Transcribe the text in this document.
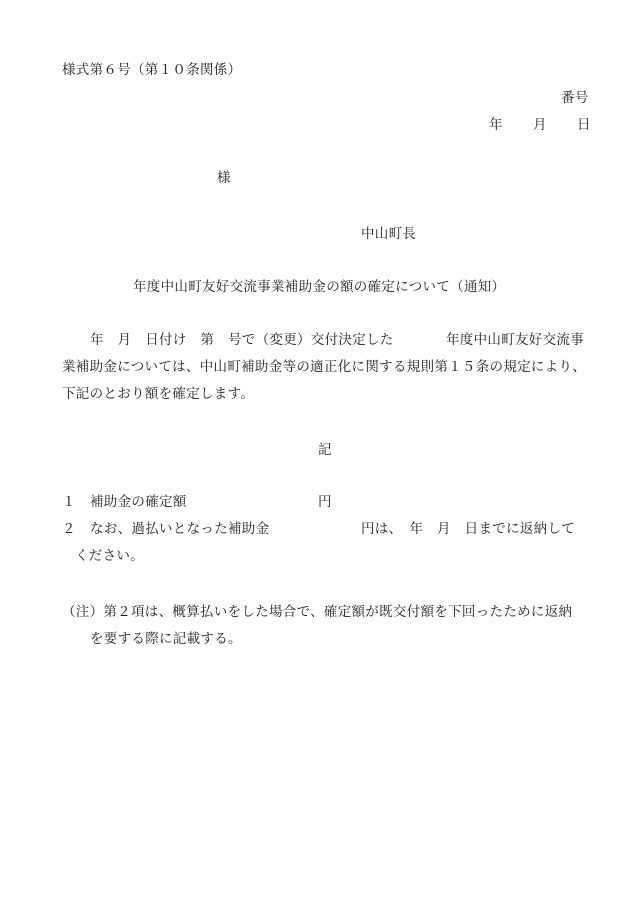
様式第６号（第１０条関係）
番号
年 月 日
様
中山町長
年度中山町友好交流事業補助金の額の確定について（通知）
年　月　日付け　第　号で（変更）交付決定した	年度中山町友好交流事
業補助金については、中山町補助金等の適正化に関する規則第１５条の規定により、
下記のとおり額を確定します。
記
１ 補助金の確定額	円
２ なお、過払いとなった補助金	円は、　年　月　日までに返納して
ください。
（注）第２項は、概算払いをした場合で、確定額が既交付額を下回ったために返納
を要する際に記載する。
